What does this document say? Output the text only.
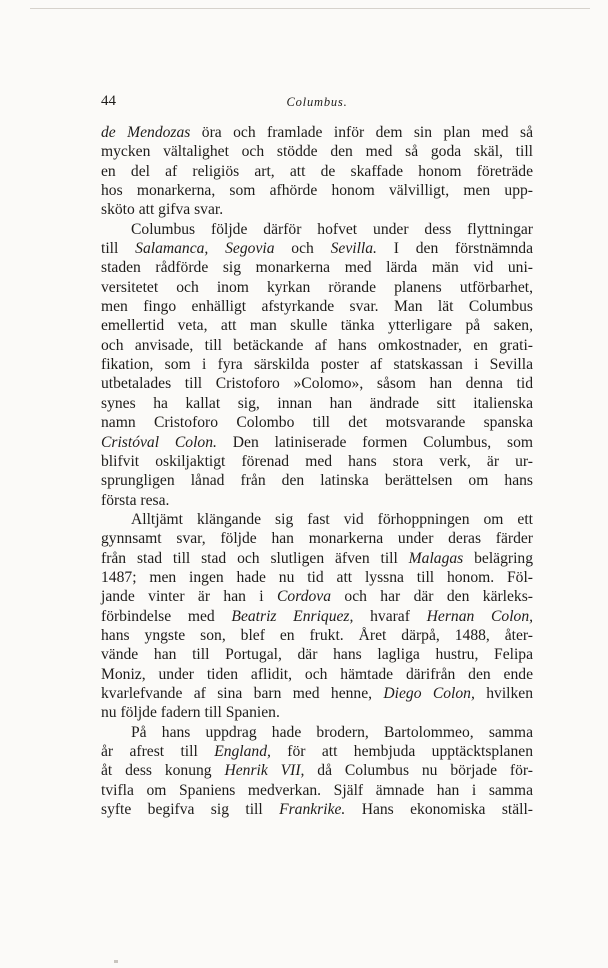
44	Columbus.
de Mendozas öra och framlade inför dem sin plan med så
mycken vältalighet och stödde den med så goda skäl, till
en del af religiös art, att de skaffade honom företräde
hos monarkerna, som afhörde honom välvilligt, men upp-
sköto att gifva svar.
Columbus följde därför hofvet under dess flyttningar
till Salamanca, Segovia och Sevilla. I den förstnämnda
staden rådförde sig monarkerna med lärda män vid uni-
versitetet och inom kyrkan rörande planens utförbarhet,
men fingo enhälligt afstyrkande svar. Man lät Columbus
emellertid veta, att man skulle tänka ytterligare på saken,
och anvisade, till betäckande af hans omkostnader, en grati-
fikation, som i fyra särskilda poster af statskassan i Sevilla
utbetalades till Cristoforo »Colomo», såsom han denna tid
synes ha kallat sig, innan han ändrade sitt italienska
namn Cristoforo Colombo till det motsvarande spanska
Cristóval Colon. Den latiniserade formen Columbus, som
blifvit oskiljaktigt förenad med hans stora verk, är ur-
sprungligen lånad från den latinska berättelsen om hans
första resa.
Alltjämt klängande sig fast vid förhoppningen om ett
gynnsamt svar, följde han monarkerna under deras färder
från stad till stad och slutligen äfven till Malagas belägring
1487; men ingen hade nu tid att lyssna till honom. Föl-
jande vinter är han i Cordova och har där den kärleks-
förbindelse med Beatriz Enriquez, hvaraf Hernan Colon,
hans yngste son, blef en frukt. Året därpå, 1488, åter-
vände han till Portugal, där hans lagliga hustru, Felipa
Moniz, under tiden aflidit, och hämtade därifrån den ende
kvarlefvande af sina barn med henne, Diego Colon, hvilken
nu följde fadern till Spanien.
På hans uppdrag hade brodern, Bartolommeo, samma
år afrest till England, för att hembjuda upptäcktsplanen
åt dess konung Henrik VII, då Columbus nu började för-
tvifla om Spaniens medverkan. Själf ämnade han i samma
syfte begifva sig till Frankrike. Hans ekonomiska ställ-
